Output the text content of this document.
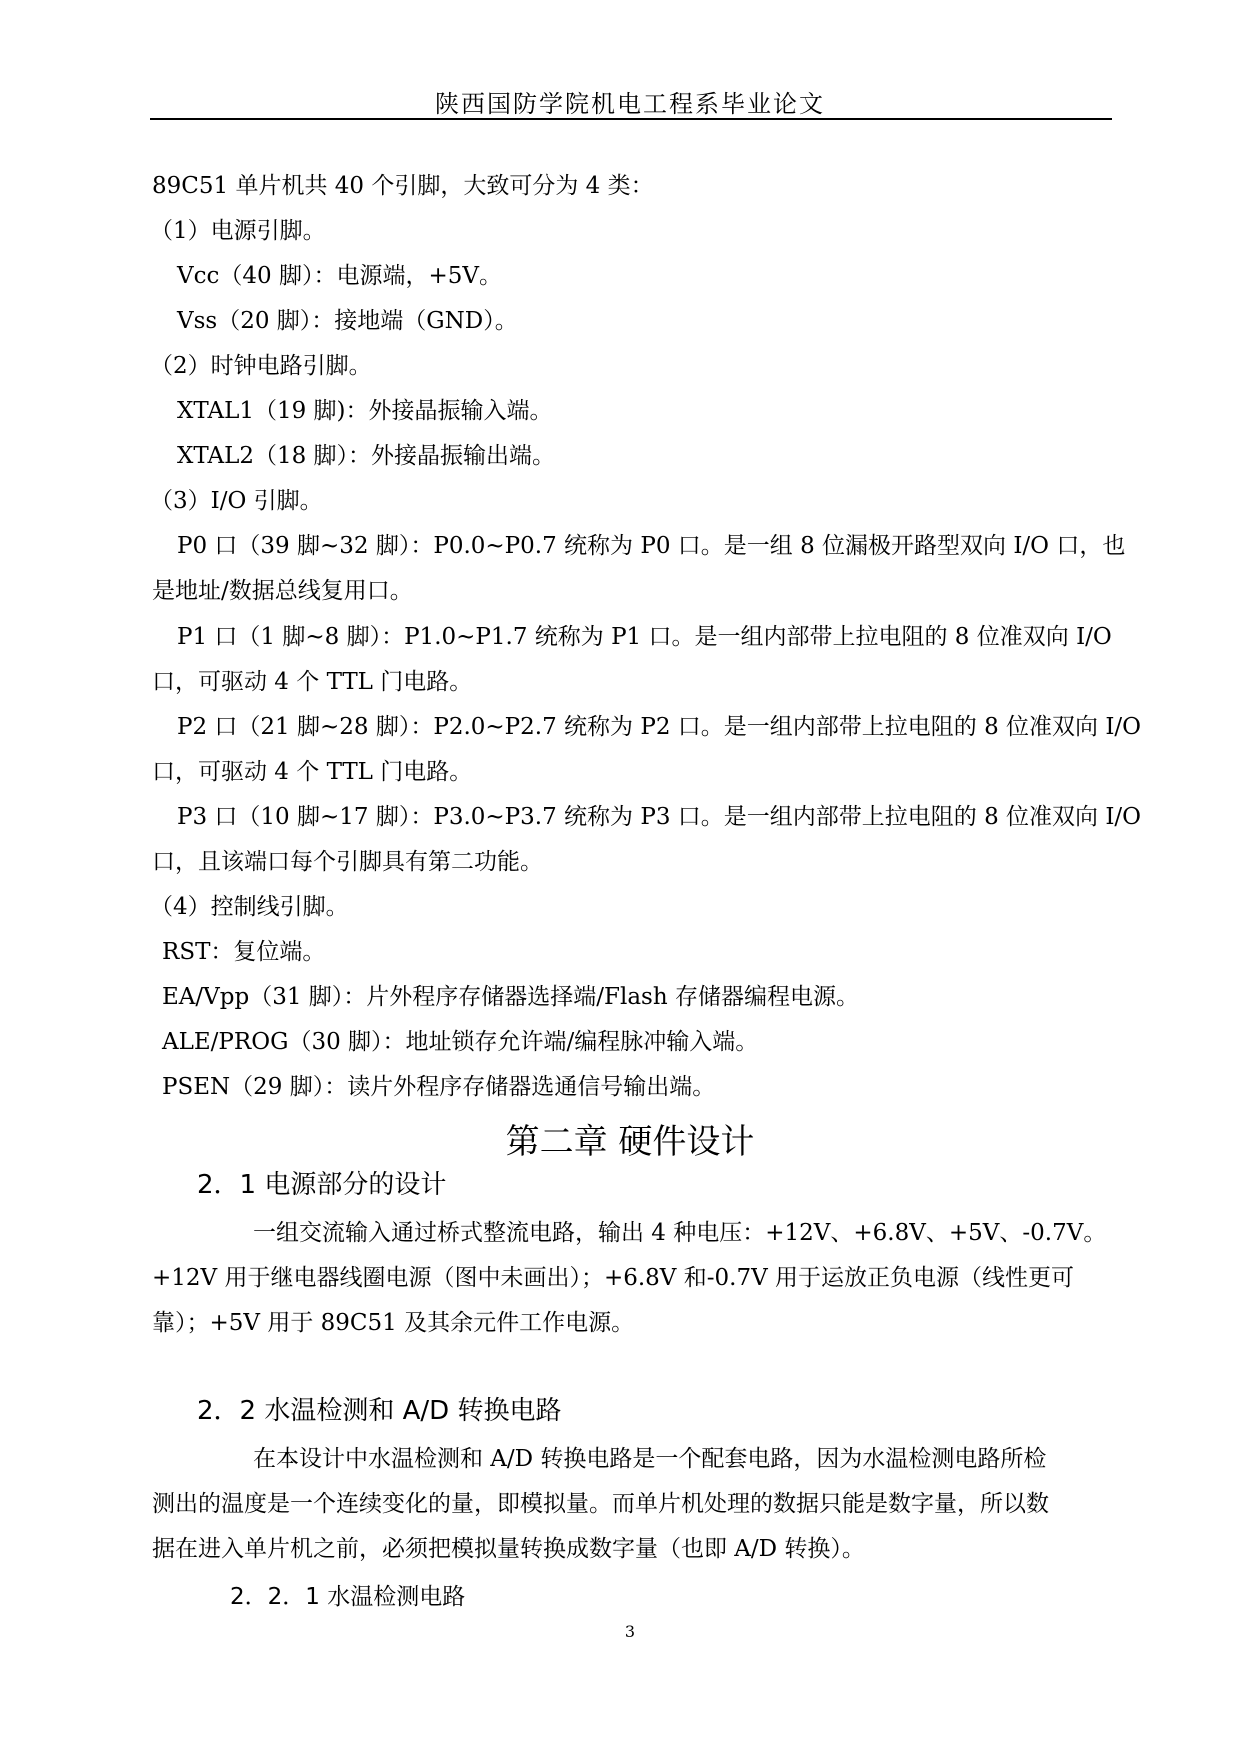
陕西国防学院机电工程系毕业论文
89C51 单片机共 40 个引脚，大致可分为 4 类：
（1）电源引脚。
Vcc（40 脚）：电源端，+5V。
Vss（20 脚）：接地端（GND）。
（2）时钟电路引脚。
XTAL1（19 脚)：外接晶振输入端。
XTAL2（18 脚）：外接晶振输出端。
（3）I/O 引脚。
P0 口（39 脚~32 脚）：P0.0~P0.7 统称为 P0 口。是一组 8 位漏极开路型双向 I/O 口，也
是地址/数据总线复用口。
P1 口（1 脚~8 脚）：P1.0~P1.7 统称为 P1 口。是一组内部带上拉电阻的 8 位准双向 I/O
口，可驱动 4 个 TTL 门电路。
P2 口（21 脚~28 脚）：P2.0~P2.7 统称为 P2 口。是一组内部带上拉电阻的 8 位准双向 I/O
口，可驱动 4 个 TTL 门电路。
P3 口（10 脚~17 脚）：P3.0~P3.7 统称为 P3 口。是一组内部带上拉电阻的 8 位准双向 I/O
口，且该端口每个引脚具有第二功能。
（4）控制线引脚。
RST：复位端。
EA/Vpp（31 脚）：片外程序存储器选择端/Flash 存储器编程电源。
ALE/PROG（30 脚）：地址锁存允许端/编程脉冲输入端。
PSEN（29 脚）：读片外程序存储器选通信号输出端。
第二章 硬件设计
2．1 电源部分的设计
一组交流输入通过桥式整流电路，输出 4 种电压：+12V、+6.8V、+5V、-0.7V。
+12V 用于继电器线圈电源（图中未画出）；+6.8V 和-0.7V 用于运放正负电源（线性更可
靠）；+5V 用于 89C51 及其余元件工作电源。
2．2 水温检测和 A/D 转换电路
在本设计中水温检测和 A/D 转换电路是一个配套电路，因为水温检测电路所检
测出的温度是一个连续变化的量，即模拟量。而单片机处理的数据只能是数字量，所以数
据在进入单片机之前，必须把模拟量转换成数字量（也即 A/D 转换）。
2．2．1 水温检测电路
3
